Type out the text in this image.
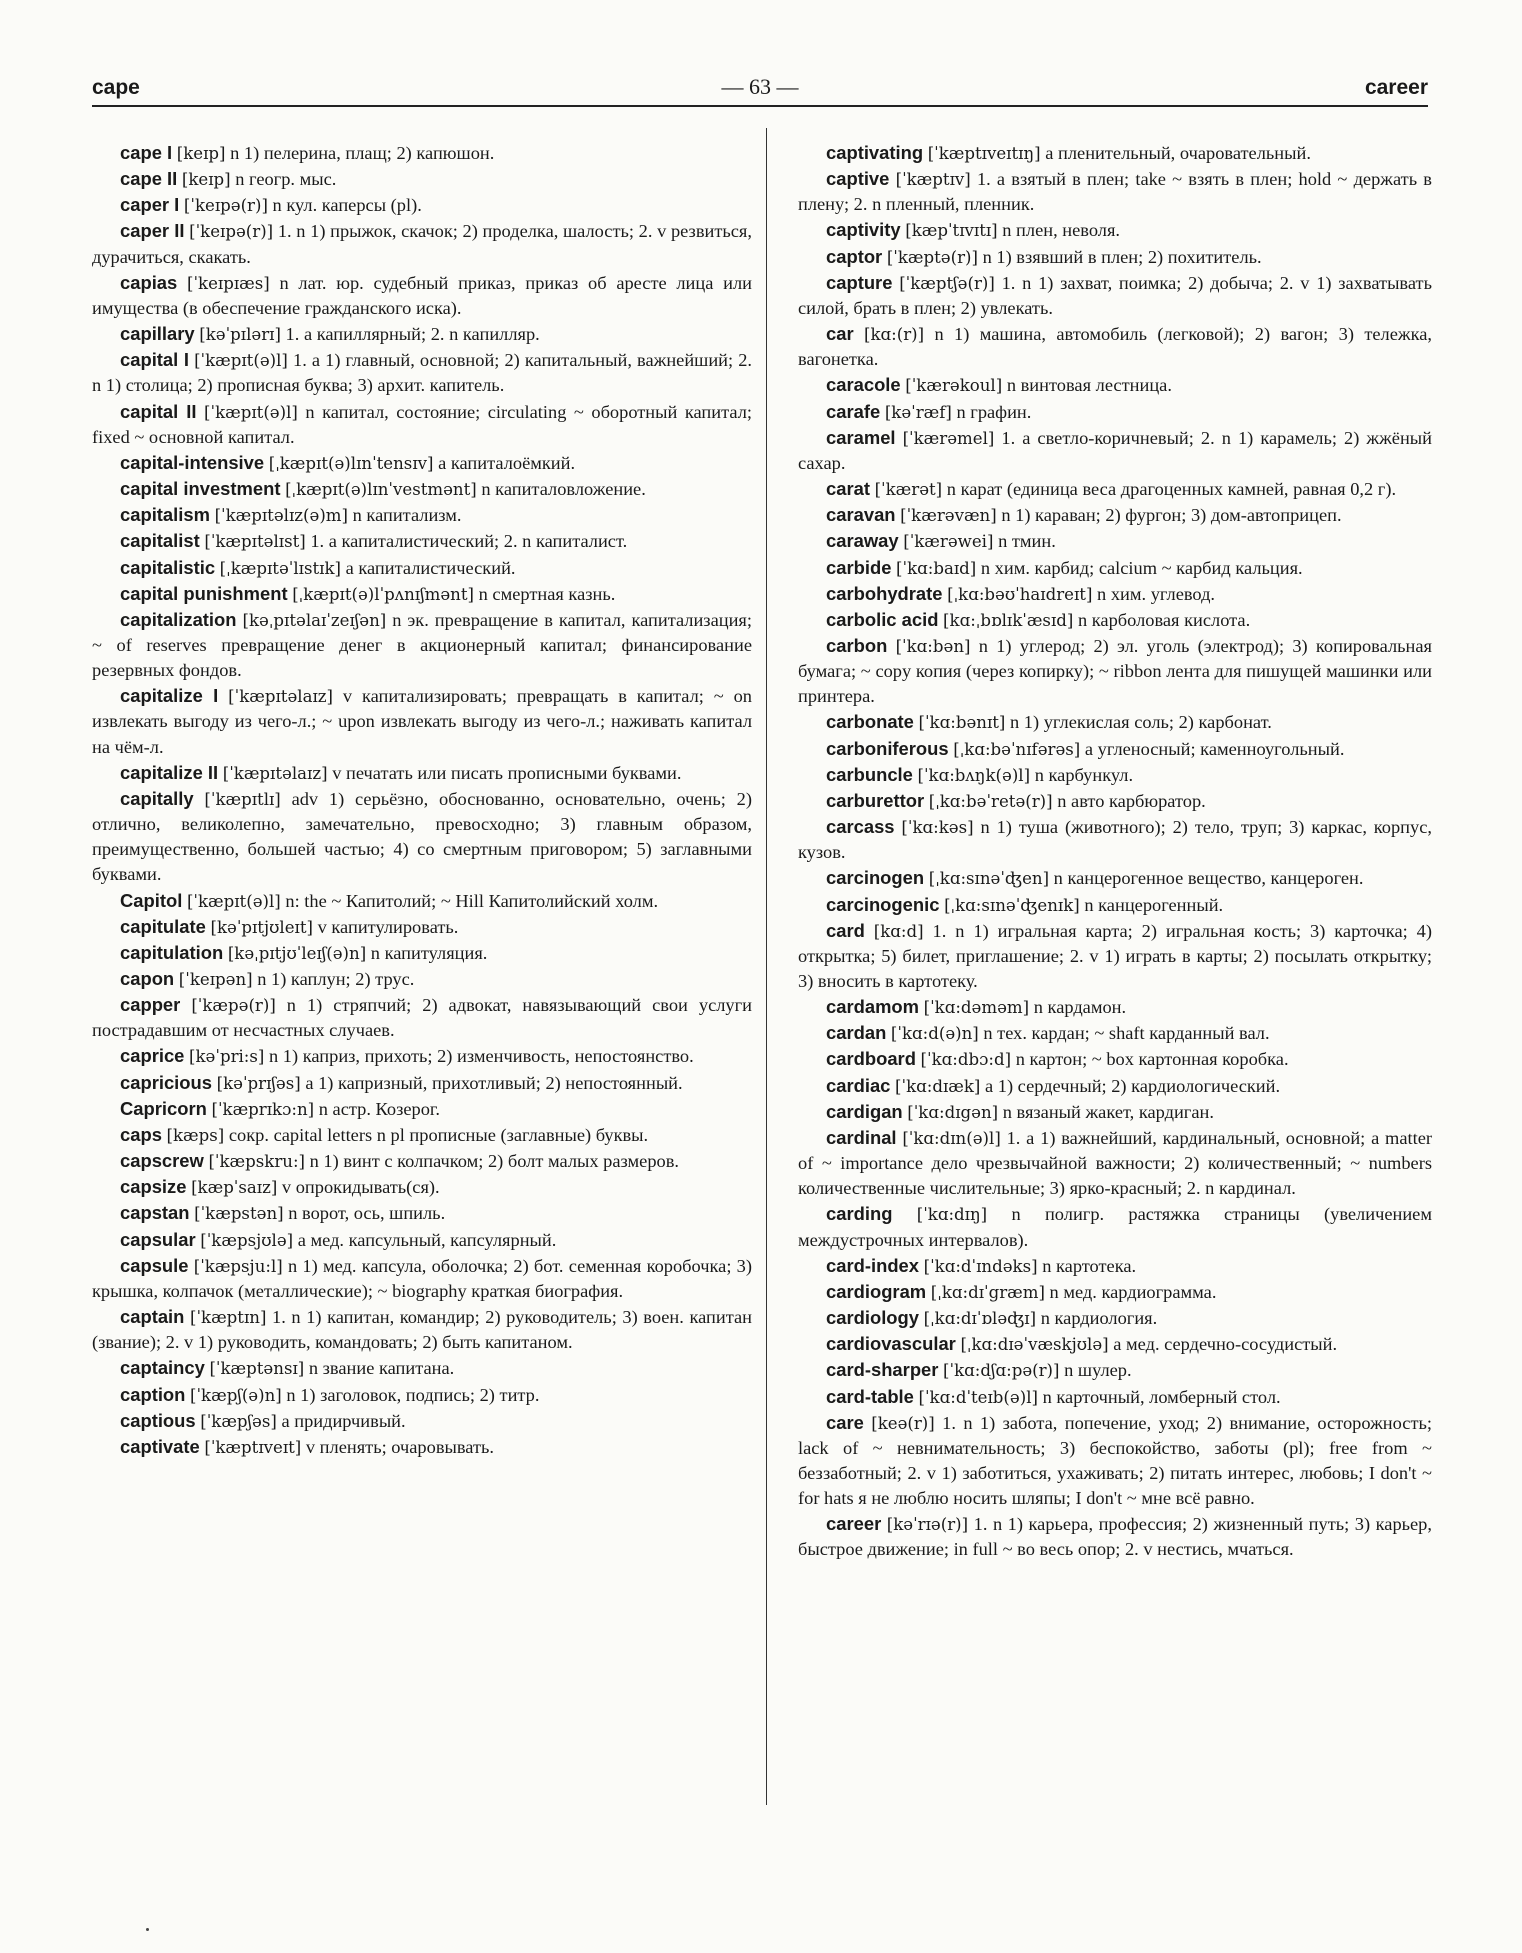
cape	— 63 —	career

cape I [keɪp] n 1) пелерина, плащ; 2) капюшон.

cape II [keɪp] n геогр. мыс.

caper I [ˈkeɪpə(r)] n кул. каперсы (pl).

caper II [ˈkeɪpə(r)] 1. n 1) прыжок, скачок; 2) проделка, шалость; 2. v резвиться, дурачиться, скакать.

capias [ˈkeɪpɪæs] n лат. юр. судебный приказ, приказ об аресте лица или имущества (в обеспечение гражданского иска).

capillary [kəˈpɪlərɪ] 1. a капиллярный; 2. n капилляр.

capital I [ˈkæpɪt(ə)l] 1. a 1) главный, основной; 2) капитальный, важнейший; 2. n 1) столица; 2) прописная буква; 3) архит. капитель.

capital II [ˈkæpɪt(ə)l] n капитал, состояние; circulating ~ оборотный капитал; fixed ~ основной капитал.

capital-intensive [ˌkæpɪt(ə)lɪnˈtensɪv] a капиталоёмкий.

capital investment [ˌkæpɪt(ə)lɪnˈvestmənt] n капиталовложение.

capitalism [ˈkæpɪtəlɪz(ə)m] n капитализм.

capitalist [ˈkæpɪtəlɪst] 1. a капиталистический; 2. n капиталист.

capitalistic [ˌkæpɪtəˈlɪstɪk] a капиталистический.

capital punishment [ˌkæpɪt(ə)lˈpʌnɪʃmənt] n смертная казнь.

capitalization [kəˌpɪtəlaɪˈzeɪʃən] n эк. превращение в капитал, капитализация; ~ of reserves превращение денег в акционерный капитал; финансирование резервных фондов.

capitalize I [ˈkæpɪtəlaɪz] v капитализировать; превращать в капитал; ~ on извлекать выгоду из чего-л.; ~ upon извлекать выгоду из чего-л.; наживать капитал на чём-л.

capitalize II [ˈkæpɪtəlaɪz] v печатать или писать прописными буквами.

capitally [ˈkæpɪtlɪ] adv 1) серьёзно, обоснованно, основательно, очень; 2) отлично, великолепно, замечательно, превосходно; 3) главным образом, преимущественно, большей частью; 4) со смертным приговором; 5) заглавными буквами.

Capitol [ˈkæpɪt(ə)l] n: the ~ Капитолий; ~ Hill Капитолийский холм.

capitulate [kəˈpɪtjʊleɪt] v капитулировать.

capitulation [kəˌpɪtjʊˈleɪʃ(ə)n] n капитуляция.

capon [ˈkeɪpən] n 1) каплун; 2) трус.

capper [ˈkæpə(r)] n 1) стряпчий; 2) адвокат, навязывающий свои услуги пострадавшим от несчастных случаев.

caprice [kəˈpri:s] n 1) каприз, прихоть; 2) изменчивость, непостоянство.

capricious [kəˈprɪʃəs] a 1) капризный, прихотливый; 2) непостоянный.

Capricorn [ˈkæprɪkɔ:n] n астр. Козерог.

caps [kæps] сокр. capital letters n pl прописные (заглавные) буквы.

capscrew [ˈkæpskru:] n 1) винт с колпачком; 2) болт малых размеров.

capsize [kæpˈsaɪz] v опрокидывать(ся).

capstan [ˈkæpstən] n ворот, ось, шпиль.

capsular [ˈkæpsjʊlə] a мед. капсульный, капсулярный.

capsule [ˈkæpsju:l] n 1) мед. капсула, оболочка; 2) бот. семенная коробочка; 3) крышка, колпачок (металлические); ~ biography краткая биография.

captain [ˈkæptɪn] 1. n 1) капитан, командир; 2) руководитель; 3) воен. капитан (звание); 2. v 1) руководить, командовать; 2) быть капитаном.

captaincy [ˈkæptənsɪ] n звание капитана.

caption [ˈkæpʃ(ə)n] n 1) заголовок, подпись; 2) титр.

captious [ˈkæpʃəs] a придирчивый.

captivate [ˈkæptɪveɪt] v пленять; очаровывать.

captivating [ˈkæptɪveɪtɪŋ] a пленительный, очаровательный.

captive [ˈkæptɪv] 1. a взятый в плен; take ~ взять в плен; hold ~ держать в плену; 2. n пленный, пленник.

captivity [kæpˈtɪvɪtɪ] n плен, неволя.

captor [ˈkæptə(r)] n 1) взявший в плен; 2) похититель.

capture [ˈkæptʃə(r)] 1. n 1) захват, поимка; 2) добыча; 2. v 1) захватывать силой, брать в плен; 2) увлекать.

car [kɑ:(r)] n 1) машина, автомобиль (легковой); 2) вагон; 3) тележка, вагонетка.

caracole [ˈkærəkoul] n винтовая лестница.

carafe [kəˈræf] n графин.

caramel [ˈkærəmel] 1. a светло-коричневый; 2. n 1) карамель; 2) жжёный сахар.

carat [ˈkærət] n карат (единица веса драгоценных камней, равная 0,2 г).

caravan [ˈkærəvæn] n 1) караван; 2) фургон; 3) дом-автоприцеп.

caraway [ˈkærəwei] n тмин.

carbide [ˈkɑ:baɪd] n хим. карбид; calcium ~ карбид кальция.

carbohydrate [ˌkɑ:bəʊˈhaɪdreɪt] n хим. углевод.

carbolic acid [kɑ:ˌbɒlɪkˈæsɪd] n карболовая кислота.

carbon [ˈkɑ:bən] n 1) углерод; 2) эл. уголь (электрод); 3) копировальная бумага; ~ copy копия (через копирку); ~ ribbon лента для пишущей машинки или принтера.

carbonate [ˈkɑ:bənɪt] n 1) углекислая соль; 2) карбонат.

carboniferous [ˌkɑ:bəˈnɪfərəs] a угленосный; каменноугольный.

carbuncle [ˈkɑ:bʌŋk(ə)l] n карбункул.

carburettor [ˌkɑ:bəˈretə(r)] n авто карбюратор.

carcass [ˈkɑ:kəs] n 1) туша (животного); 2) тело, труп; 3) каркас, корпус, кузов.

carcinogen [ˌkɑ:sɪnəˈʤen] n канцерогенное вещество, канцероген.

carcinogenic [ˌkɑ:sɪnəˈʤenɪk] n канцерогенный.

card [kɑ:d] 1. n 1) игральная карта; 2) игральная кость; 3) карточка; 4) открытка; 5) билет, приглашение; 2. v 1) играть в карты; 2) посылать открытку; 3) вносить в картотеку.

cardamom [ˈkɑ:dəməm] n кардамон.

cardan [ˈkɑ:d(ə)n] n тех. кардан; ~ shaft карданный вал.

cardboard [ˈkɑ:dbɔ:d] n картон; ~ box картонная коробка.

cardiac [ˈkɑ:dɪæk] a 1) сердечный; 2) кардиологический.

cardigan [ˈkɑ:dɪgən] n вязаный жакет, кардиган.

cardinal [ˈkɑ:dɪn(ə)l] 1. a 1) важнейший, кардинальный, основной; a matter of ~ importance дело чрезвычайной важности; 2) количественный; ~ numbers количественные числительные; 3) ярко-красный; 2. n кардинал.

carding [ˈkɑ:dɪŋ] n полигр. растяжка страницы (увеличением междустрочных интервалов).

card-index [ˈkɑ:dˈɪndəks] n картотека.

cardiogram [ˌkɑ:dɪˈgræm] n мед. кардиограмма.

cardiology [ˌkɑ:dɪˈɒləʤɪ] n кардиология.

cardiovascular [ˌkɑ:dɪəˈvæskjʊlə] a мед. сердечно-сосудистый.

card-sharper [ˈkɑ:dʃɑ:pə(r)] n шулер.

card-table [ˈkɑ:dˈteɪb(ə)l] n карточный, ломберный стол.

care [keə(r)] 1. n 1) забота, попечение, уход; 2) внимание, осторожность; lack of ~ невнимательность; 3) беспокойство, заботы (pl); free from ~ беззаботный; 2. v 1) заботиться, ухаживать; 2) питать интерес, любовь; I don't ~ for hats я не люблю носить шляпы; I don't ~ мне всё равно.

career [kəˈrɪə(r)] 1. n 1) карьера, профессия; 2) жизненный путь; 3) карьер, быстрое движение; in full ~ во весь опор; 2. v нестись, мчаться.
